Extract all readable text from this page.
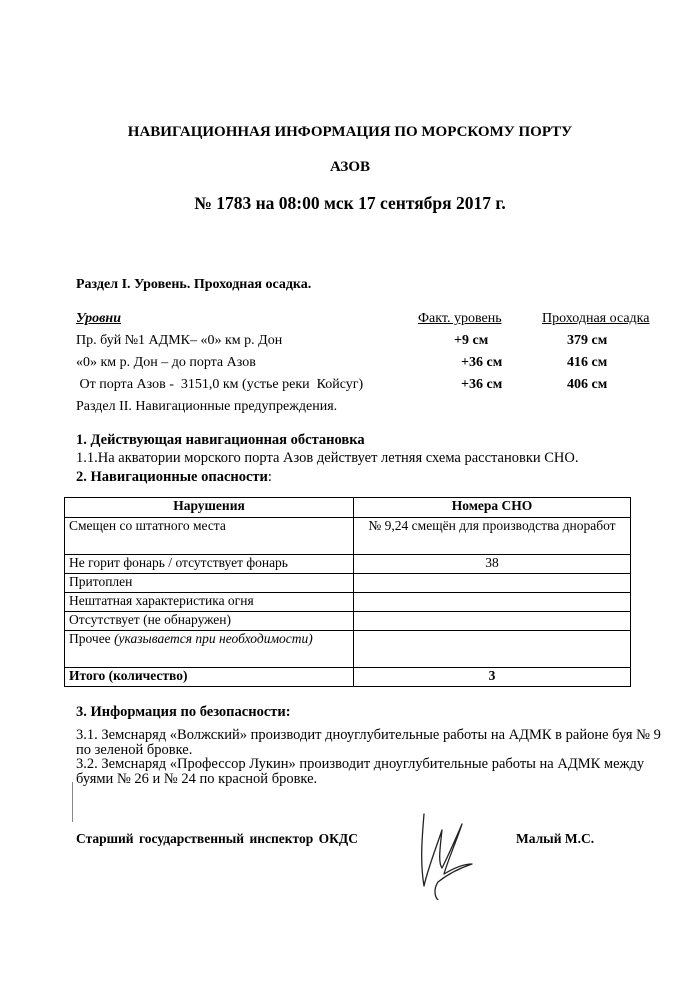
НАВИГАЦИОННАЯ ИНФОРМАЦИЯ ПО МОРСКОМУ ПОРТУ
АЗОВ
№ 1783 на 08:00 мск 17 сентября 2017 г.
Раздел I. Уровень. Проходная осадка.
Уровни	Факт. уровень	Проходная осадка
Пр. буй №1 АДМК– «0» км р. Дон	+9 см	379 см
«0» км р. Дон – до порта Азов	+36 см	416 см
От порта Азов -  3151,0 км (устье реки  Койсуг)	+36 см	406 см
Раздел II. Навигационные предупреждения.
1. Действующая навигационная обстановка
1.1.На акватории морского порта Азов действует летняя схема расстановки СНО.
2. Навигационные опасности:
Нарушения	Номера СНО
Смещен со штатного места	№ 9,24 смещён для производства дноработ
Не горит фонарь / отсутствует фонарь	38
Притоплен	
Нештатная характеристика огня	
Отсутствует (не обнаружен)	
Прочее (указывается при необходимости)	
Итого (количество)	3
3. Информация по безопасности:
3.1. Земснаряд «Волжский» производит дноуглубительные работы на АДМК в районе буя № 9 по зеленой бровке.
3.2. Земснаряд «Профессор Лукин» производит дноуглубительные работы на АДМК между буями № 26 и № 24 по красной бровке.
Старший государственный инспектор ОКДС	Малый М.С.
